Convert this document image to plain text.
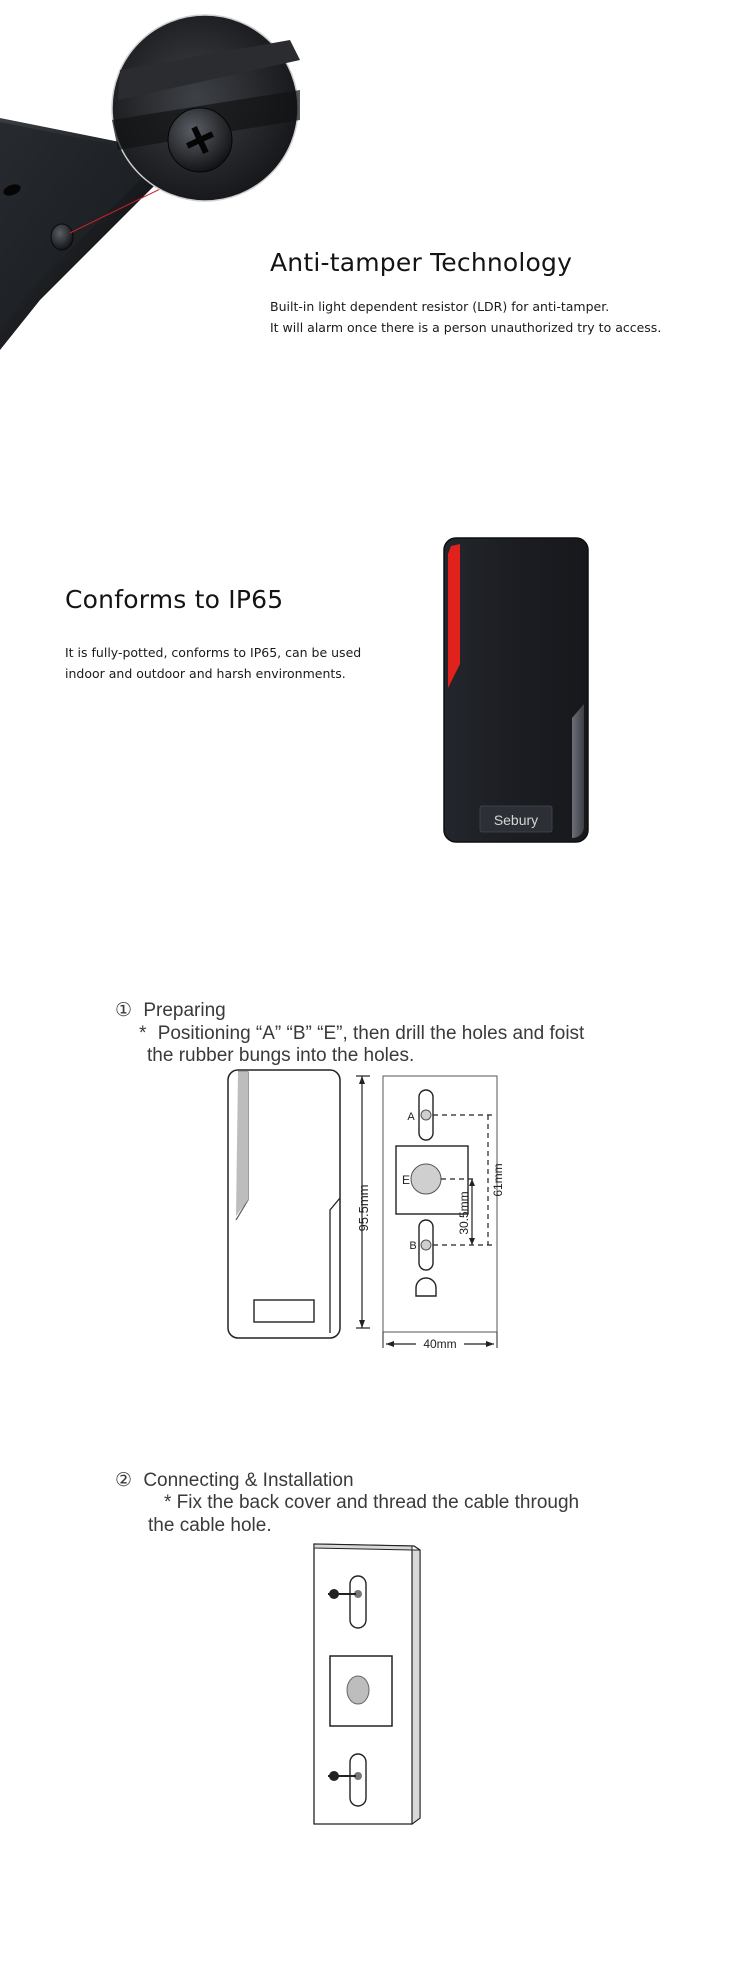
Anti-tamper Technology
Built-in light dependent resistor (LDR) for anti-tamper.
It will alarm once there is a person unauthorized try to access.
Conforms to IP65
It is fully-potted, conforms to IP65, can be used
indoor and outdoor and harsh environments.
Sebury
① Preparing
* Positioning “A” “B” “E”, then drill the holes and foist
the rubber bungs into the holes.
95.5mm
A
E
B
61mm
30.5mm
40mm
② Connecting & Installation
* Fix the back cover and thread the cable through
the cable hole.
